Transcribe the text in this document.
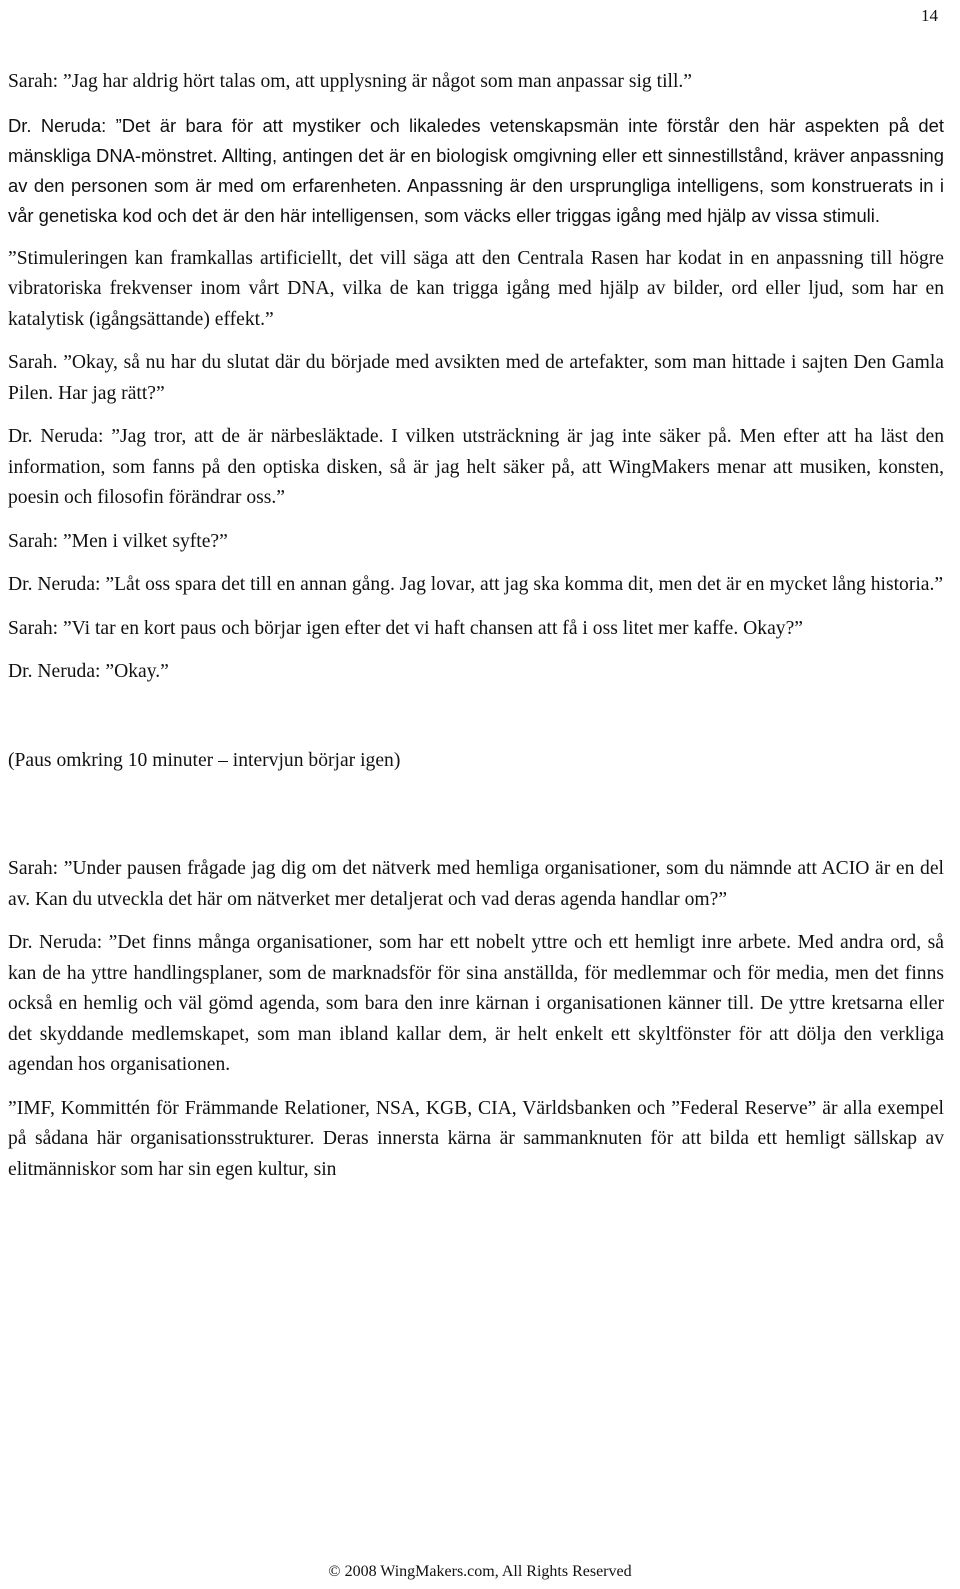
14

Sarah: ”Jag har aldrig hört talas om, att upplysning är något som man anpassar sig till.”

Dr. Neruda: ”Det är bara för att mystiker och likaledes vetenskapsmän inte förstår den här aspekten på det mänskliga DNA-mönstret. Allting, antingen det är en biologisk omgivning eller ett sinnestillstånd, kräver anpassning av den personen som är med om erfarenheten. Anpassning är den ursprungliga intelligens, som konstruerats in i vår genetiska kod och det är den här intelligensen, som väcks eller triggas igång med hjälp av vissa stimuli.

”Stimuleringen kan framkallas artificiellt, det vill säga att den Centrala Rasen har kodat in en anpassning till högre vibratoriska frekvenser inom vårt DNA, vilka de kan trigga igång med hjälp av bilder, ord eller ljud, som har en katalytisk (igångsättande) effekt.”

Sarah. ”Okay, så nu har du slutat där du började med avsikten med de artefakter, som man hittade i sajten Den Gamla Pilen. Har jag rätt?”

Dr. Neruda: ”Jag tror, att de är närbesläktade. I vilken utsträckning är jag inte säker på. Men efter att ha läst den information, som fanns på den optiska disken, så är jag helt säker på, att WingMakers menar att musiken, konsten, poesin och filosofin förändrar oss.”

Sarah: ”Men i vilket syfte?”

Dr. Neruda: ”Låt oss spara det till en annan gång. Jag lovar, att jag ska komma dit, men det är en mycket lång historia.”

Sarah: ”Vi tar en kort paus och börjar igen efter det vi haft chansen att få i oss litet mer kaffe. Okay?”

Dr. Neruda: ”Okay.”

(Paus omkring 10 minuter – intervjun börjar igen)

Sarah: ”Under pausen frågade jag dig om det nätverk med hemliga organisationer, som du nämnde att ACIO är en del av. Kan du utveckla det här om nätverket mer detaljerat och vad deras agenda handlar om?”

Dr. Neruda: ”Det finns många organisationer, som har ett nobelt yttre och ett hemligt inre arbete. Med andra ord, så kan de ha yttre handlingsplaner, som de marknadsför för sina anställda, för medlemmar och för media, men det finns också en hemlig och väl gömd agenda, som bara den inre kärnan i organisationen känner till. De yttre kretsarna eller det skyddande medlemskapet, som man ibland kallar dem, är helt enkelt ett skyltfönster för att dölja den verkliga agendan hos organisationen.

”IMF, Kommittén för Främmande Relationer, NSA, KGB, CIA, Världsbanken och ”Federal Reserve” är alla exempel på sådana här organisationsstrukturer. Deras innersta kärna är sammanknuten för att bilda ett hemligt sällskap av elitmänniskor som har sin egen kultur, sin

© 2008 WingMakers.com, All Rights Reserved
